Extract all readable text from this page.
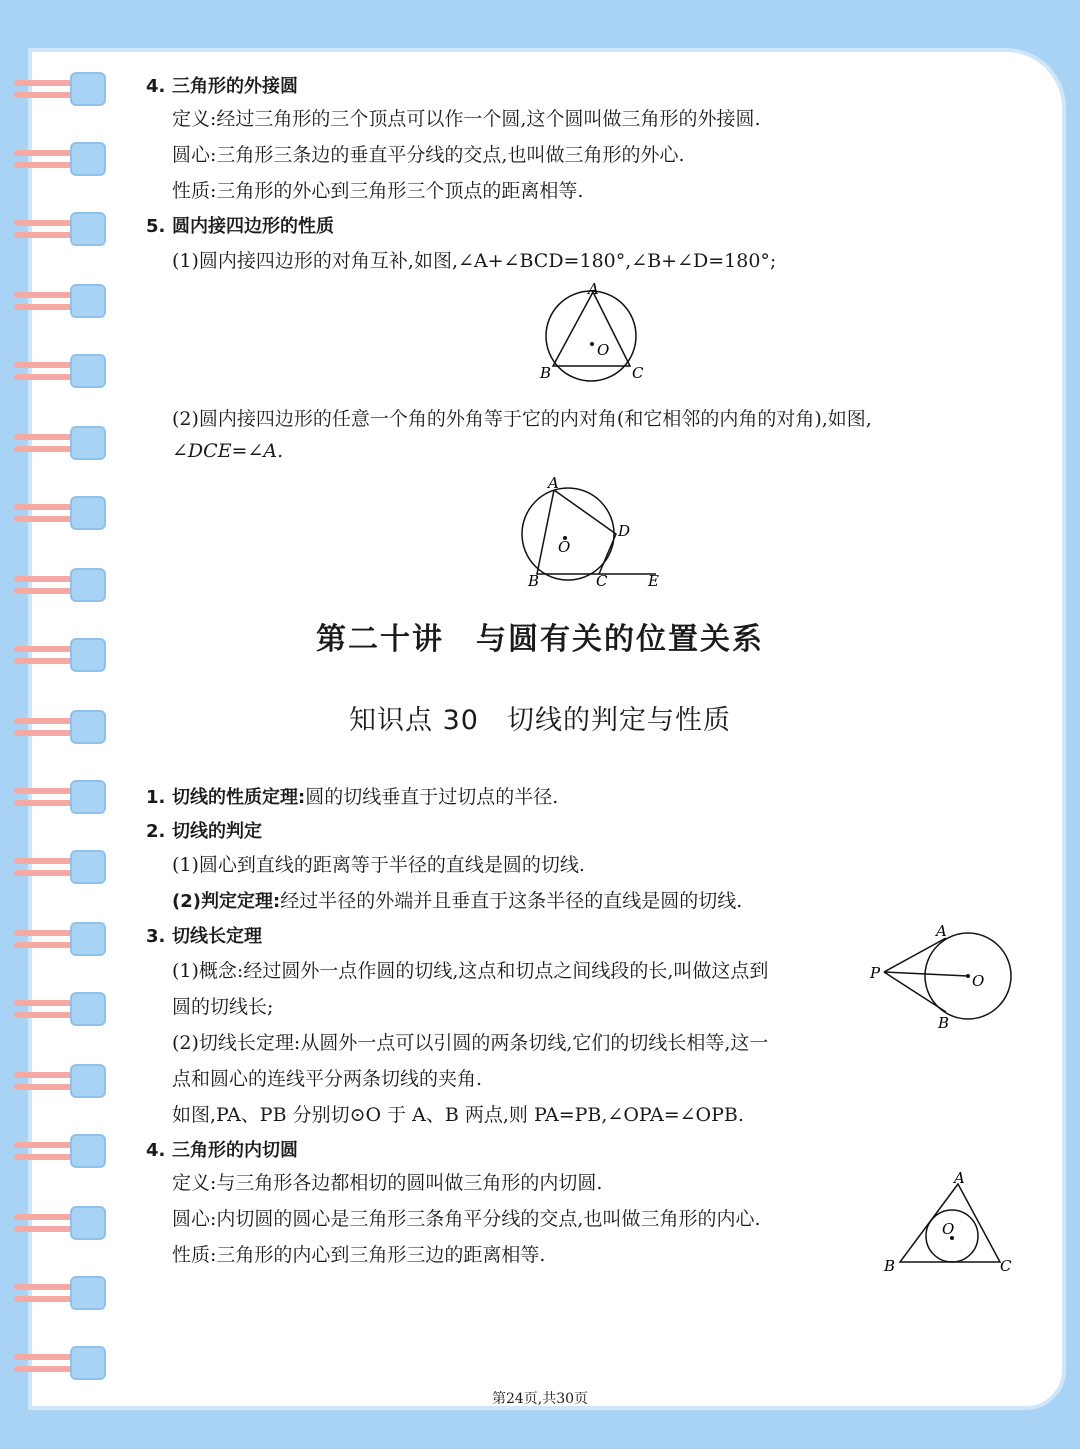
4. 三角形的外接圆
定义:经过三角形的三个顶点可以作一个圆,这个圆叫做三角形的外接圆.
圆心:三角形三条边的垂直平分线的交点,也叫做三角形的外心.
性质:三角形的外心到三角形三个顶点的距离相等.
5. 圆内接四边形的性质
(1)圆内接四边形的对角互补,如图,∠A+∠BCD=180°,∠B+∠D=180°;
A
B	C
O
(2)圆内接四边形的任意一个角的外角等于它的内对角(和它相邻的内角的对角),如图,
∠DCE=∠A.
A
B	C
D
E
O
第二十讲　与圆有关的位置关系
知识点 30　切线的判定与性质
1. 切线的性质定理:圆的切线垂直于过切点的半径.
2. 切线的判定
(1)圆心到直线的距离等于半径的直线是圆的切线.
(2)判定定理:经过半径的外端并且垂直于这条半径的直线是圆的切线.
3. 切线长定理
(1)概念:经过圆外一点作圆的切线,这点和切点之间线段的长,叫做这点到
圆的切线长;
(2)切线长定理:从圆外一点可以引圆的两条切线,它们的切线长相等,这一
点和圆心的连线平分两条切线的夹角.
如图,PA、PB 分别切⊙O 于 A、B 两点,则 PA=PB,∠OPA=∠OPB.
A
B
P	O
4. 三角形的内切圆
定义:与三角形各边都相切的圆叫做三角形的内切圆.
圆心:内切圆的圆心是三角形三条角平分线的交点,也叫做三角形的内心.
性质:三角形的内心到三角形三边的距离相等.
A
B	C
O
第24页,共30页
